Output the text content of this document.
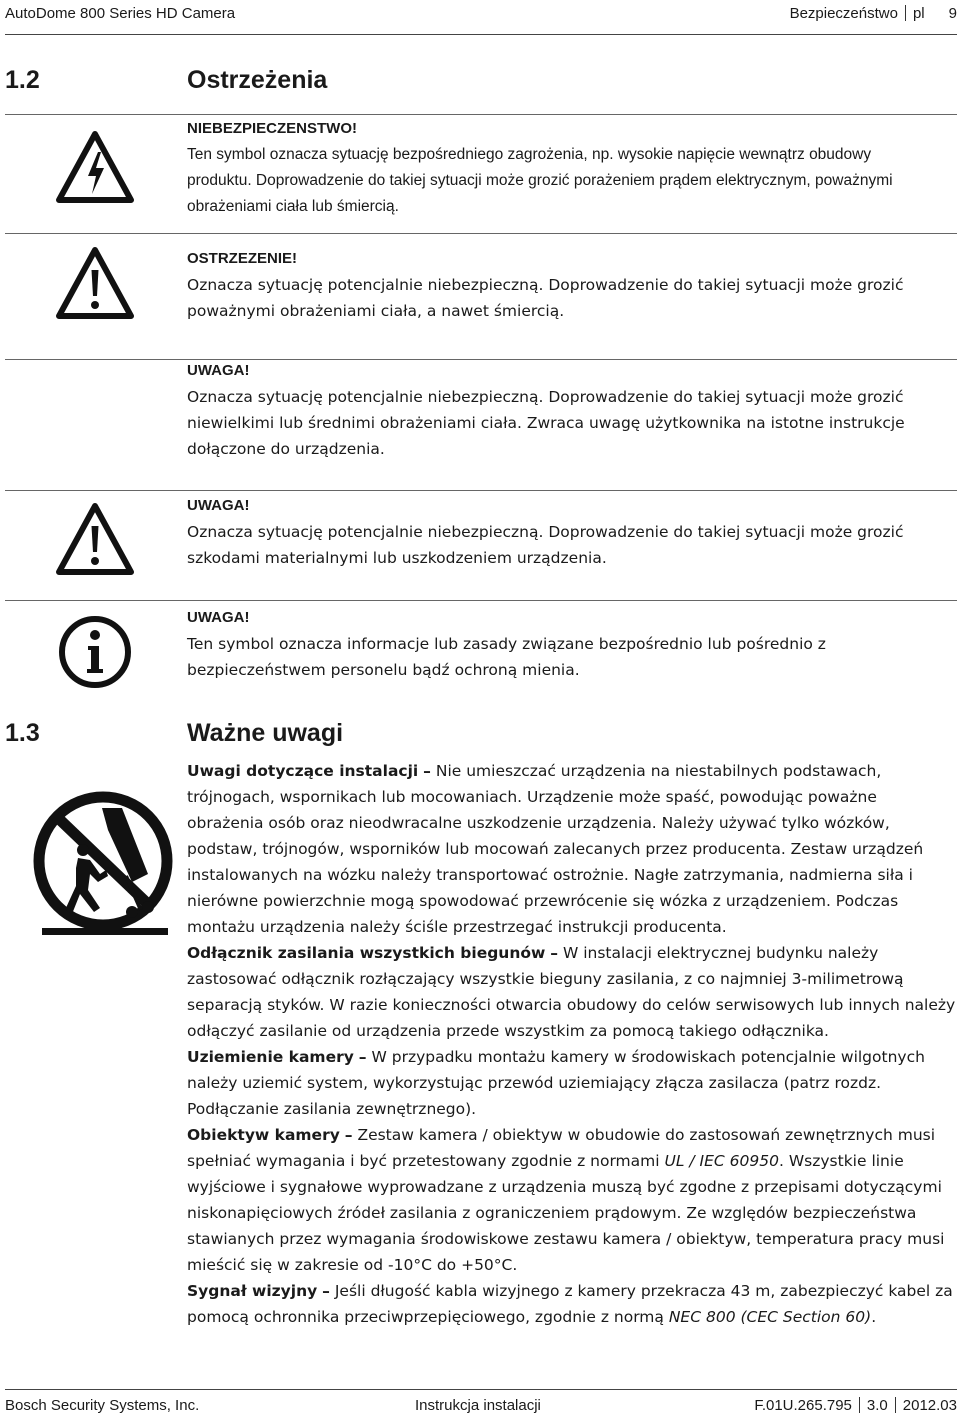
AutoDome 800 Series HD Camera	Bezpieczeństwo pl 9
1.2	Ostrzeżenia
NIEBEZPIECZENSTWO!
Ten symbol oznacza sytuację bezpośredniego zagrożenia, np. wysokie napięcie wewnątrz obudowy produktu. Doprowadzenie do takiej sytuacji może grozić porażeniem prądem elektrycznym, poważnymi obrażeniami ciała lub śmiercią.
OSTRZEZENIE!
Oznacza sytuację potencjalnie niebezpieczną. Doprowadzenie do takiej sytuacji może grozić poważnymi obrażeniami ciała, a nawet śmiercią.
UWAGA!
Oznacza sytuację potencjalnie niebezpieczną. Doprowadzenie do takiej sytuacji może grozić niewielkimi lub średnimi obrażeniami ciała. Zwraca uwagę użytkownika na istotne instrukcje dołączone do urządzenia.
UWAGA!
Oznacza sytuację potencjalnie niebezpieczną. Doprowadzenie do takiej sytuacji może grozić szkodami materialnymi lub uszkodzeniem urządzenia.
UWAGA!
Ten symbol oznacza informacje lub zasady związane bezpośrednio lub pośrednio z bezpieczeństwem personelu bądź ochroną mienia.
1.3	Ważne uwagi

Uwagi dotyczące instalacji – Nie umieszczać urządzenia na niestabilnych podstawach, trójnogach, wspornikach lub mocowaniach. Urządzenie może spaść, powodując poważne obrażenia osób oraz nieodwracalne uszkodzenie urządzenia. Należy używać tylko wózków, podstaw, trójnogów, wsporników lub mocowań zalecanych przez producenta. Zestaw urządzeń instalowanych na wózku należy transportować ostrożnie. Nagłe zatrzymania, nadmierna siła i nierówne powierzchnie mogą spowodować przewrócenie się wózka z urządzeniem. Podczas montażu urządzenia należy ściśle przestrzegać instrukcji producenta.

Odłącznik zasilania wszystkich biegunów – W instalacji elektrycznej budynku należy zastosować odłącznik rozłączający wszystkie bieguny zasilania, z co najmniej 3-milimetrową separacją styków. W razie konieczności otwarcia obudowy do celów serwisowych lub innych należy odłączyć zasilanie od urządzenia przede wszystkim za pomocą takiego odłącznika.

Uziemienie kamery – W przypadku montażu kamery w środowiskach potencjalnie wilgotnych należy uziemić system, wykorzystując przewód uziemiający złącza zasilacza (patrz rozdz. Podłączanie zasilania zewnętrznego).

Obiektyw kamery – Zestaw kamera / obiektyw w obudowie do zastosowań zewnętrznych musi spełniać wymagania i być przetestowany zgodnie z normami UL / IEC 60950. Wszystkie linie wyjściowe i sygnałowe wyprowadzane z urządzenia muszą być zgodne z przepisami dotyczącymi niskonapięciowych źródeł zasilania z ograniczeniem prądowym. Ze względów bezpieczeństwa stawianych przez wymagania środowiskowe zestawu kamera / obiektyw, temperatura pracy musi mieścić się w zakresie od -10°C do +50°C.

Sygnał wizyjny – Jeśli długość kabla wizyjnego z kamery przekracza 43 m, zabezpieczyć kabel za pomocą ochronnika przeciwprzepięciowego, zgodnie z normą NEC 800 (CEC Section 60).

Bosch Security Systems, Inc.	Instrukcja instalacji	F.01U.265.795 3.0 2012.03
